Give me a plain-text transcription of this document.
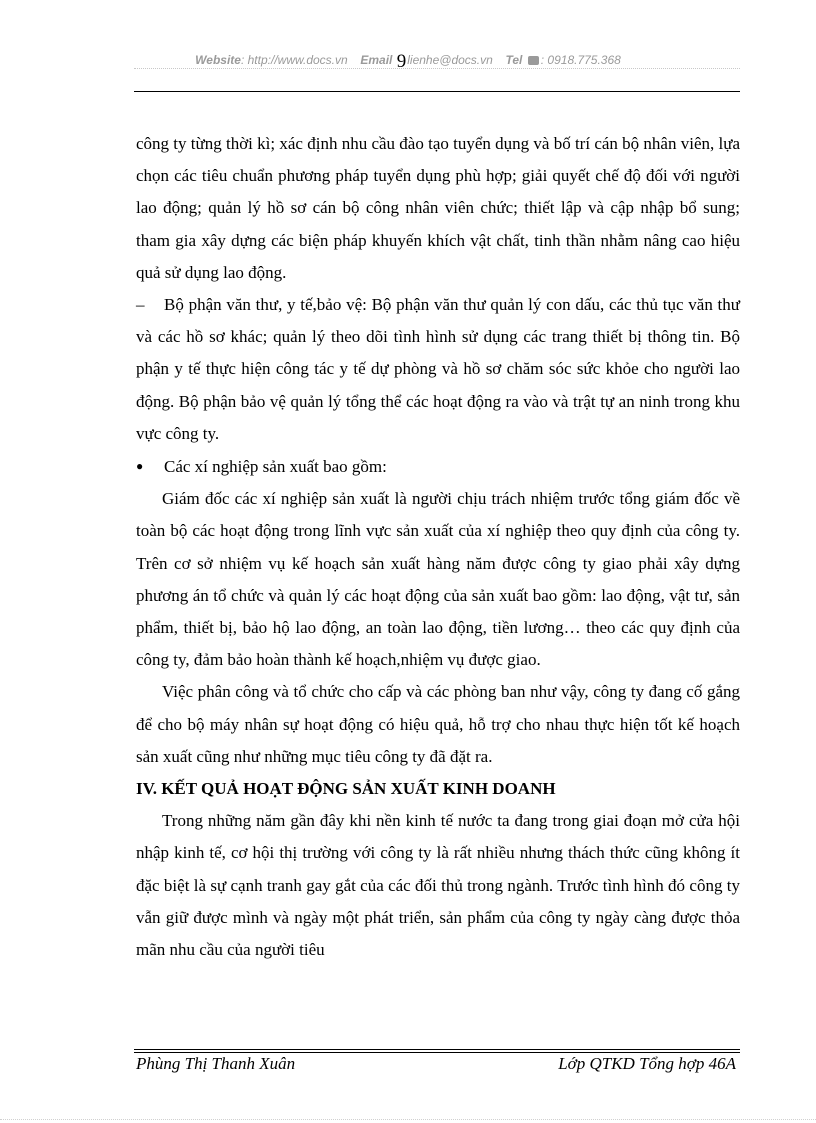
Website: http://www.docs.vn Email 9lienhe@docs.vn Tel : 0918.775.368

công ty từng thời kì; xác định nhu cầu đào tạo tuyển dụng và bố trí cán bộ nhân viên, lựa chọn các tiêu chuẩn phương pháp tuyển dụng phù hợp; giải quyết chế độ đối với người lao động; quản lý hồ sơ cán bộ công nhân viên chức; thiết lập và cập nhập bổ sung; tham gia xây dựng các biện pháp khuyến khích vật chất, tinh thần nhằm nâng cao hiệu quả sử dụng lao động.

– Bộ phận văn thư, y tế,bảo vệ: Bộ phận văn thư quản lý con dấu, các thủ tục văn thư và các hồ sơ khác; quản lý theo dõi tình hình sử dụng các trang thiết bị thông tin. Bộ phận y tế thực hiện công tác y tế dự phòng và hồ sơ chăm sóc sức khỏe cho người lao động. Bộ phận bảo vệ quản lý tổng thể các hoạt động ra vào và trật tự an ninh trong khu vực công ty.

● Các xí nghiệp sản xuất bao gồm:

Giám đốc các xí nghiệp sản xuất là người chịu trách nhiệm trước tổng giám đốc về toàn bộ các hoạt động trong lĩnh vực sản xuất của xí nghiệp theo quy định của công ty. Trên cơ sở nhiệm vụ kế hoạch sản xuất hàng năm được công ty giao phải xây dựng phương án tổ chức và quản lý các hoạt động của sản xuất bao gồm: lao động, vật tư, sản phẩm, thiết bị, bảo hộ lao động, an toàn lao động, tiền lương… theo các quy định của công ty, đảm bảo hoàn thành kế hoạch,nhiệm vụ được giao.

Việc phân công và tổ chức cho cấp và các phòng ban như vậy, công ty đang cố gắng để cho bộ máy nhân sự hoạt động có hiệu quả, hỗ trợ cho nhau thực hiện tốt kế hoạch sản xuất cũng như những mục tiêu công ty đã đặt ra.

IV. KẾT QUẢ HOẠT ĐỘNG SẢN XUẤT KINH DOANH

Trong những năm gần đây khi nền kinh tế nước ta đang trong giai đoạn mở cửa hội nhập kinh tế, cơ hội thị trường với công ty là rất nhiều nhưng thách thức cũng không ít đặc biệt là sự cạnh tranh gay gắt của các đối thủ trong ngành. Trước tình hình đó công ty vẫn giữ được mình và ngày một phát triển, sản phẩm của công ty ngày càng được thỏa mãn nhu cầu của người tiêu

Phùng Thị Thanh Xuân	Lớp QTKD Tổng hợp 46A
